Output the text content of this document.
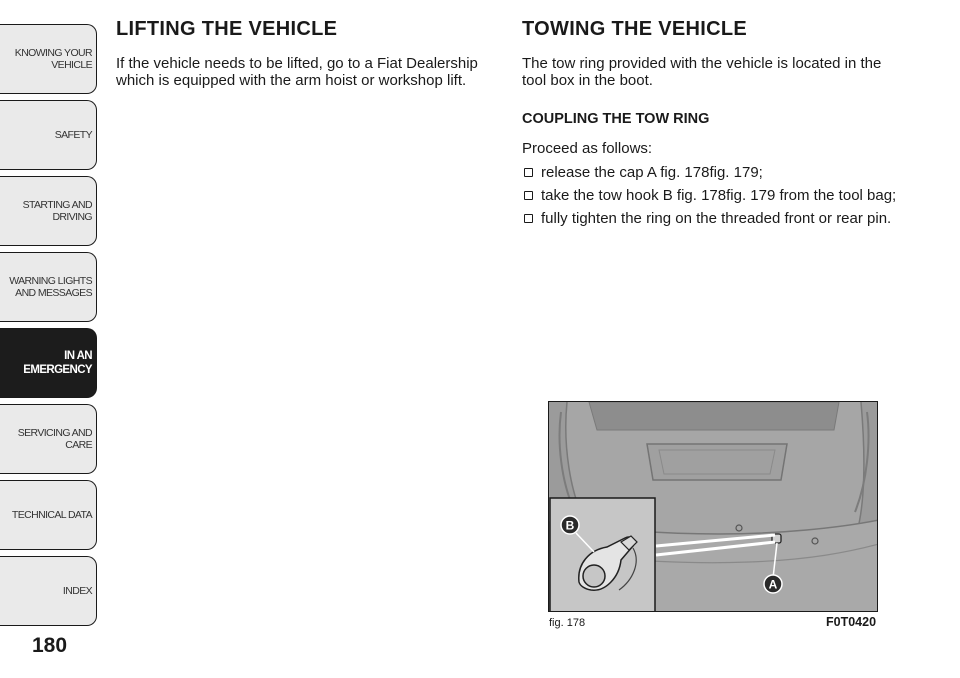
KNOWING YOUR
VEHICLE
SAFETY
STARTING AND
DRIVING
WARNING LIGHTS
AND MESSAGES
IN AN
EMERGENCY
SERVICING AND
CARE
TECHNICAL DATA
INDEX
180
LIFTING THE VEHICLE

If the vehicle needs to be lifted, go to a Fiat Dealership which is equipped with the arm hoist or workshop lift.

TOWING THE VEHICLE

The tow ring provided with the vehicle is located in the tool box in the boot.

COUPLING THE TOW RING

Proceed as follows:

release the cap A fig. 178fig. 179;
take the tow hook B fig. 178fig. 179 from the tool bag;
fully tighten the ring on the threaded front or rear pin.
A
B
fig. 178	F0T0420
